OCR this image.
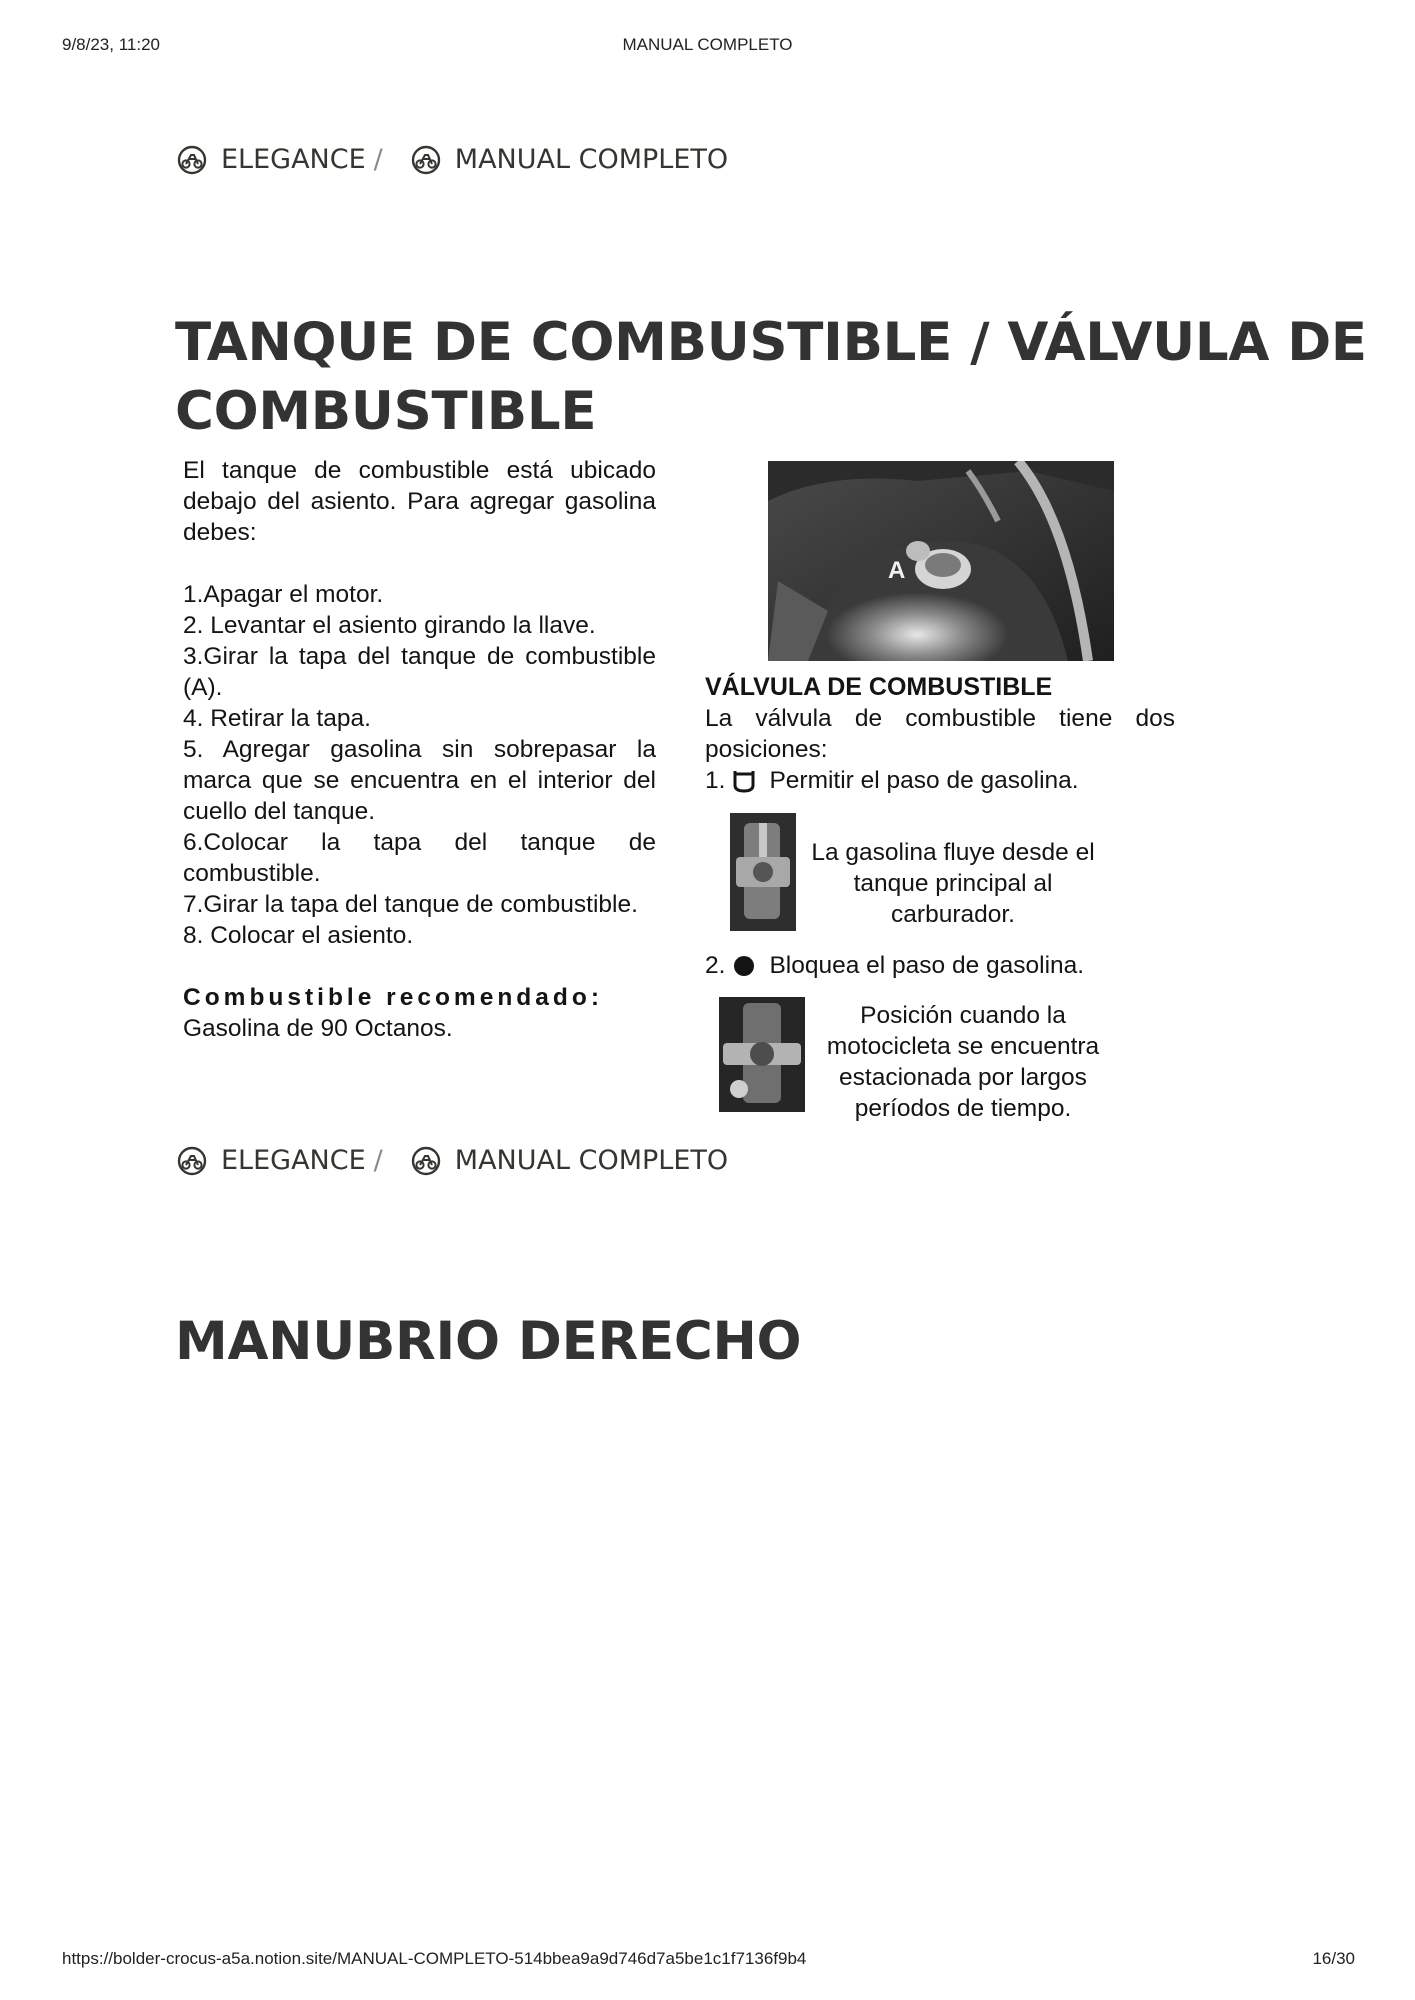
9/8/23, 11:20	MANUAL COMPLETO
ELEGANCE /	MANUAL COMPLETO
TANQUE DE COMBUSTIBLE / VÁLVULA DE
COMBUSTIBLE

El tanque de combustible está ubicado debajo del asiento. Para agregar gasolina debes:

1.Apagar el motor.

2. Levantar el asiento girando la llave.

3.Girar la tapa del tanque de combustible (A).

4. Retirar la tapa.

5. Agregar gasolina sin sobrepasar la marca que se encuentra en el interior del cuello del tanque.

6.Colocar la tapa del tanque de combustible.

7.Girar la tapa del tanque de combustible.

8. Colocar el asiento.

Combustible recomendado:

Gasolina de 90 Octanos.

A
VÁLVULA DE COMBUSTIBLE

La válvula de combustible tiene dos posiciones:

1. Permitir el paso de gasolina.
La gasolina fluye desde el
tanque principal al
carburador.
2. Bloquea el paso de gasolina.
Posición cuando la
motocicleta se encuentra
estacionada por largos
períodos de tiempo.
ELEGANCE /	MANUAL COMPLETO
MANUBRIO DERECHO
https://bolder-crocus-a5a.notion.site/MANUAL-COMPLETO-514bbea9a9d746d7a5be1c1f7136f9b4	16/30
